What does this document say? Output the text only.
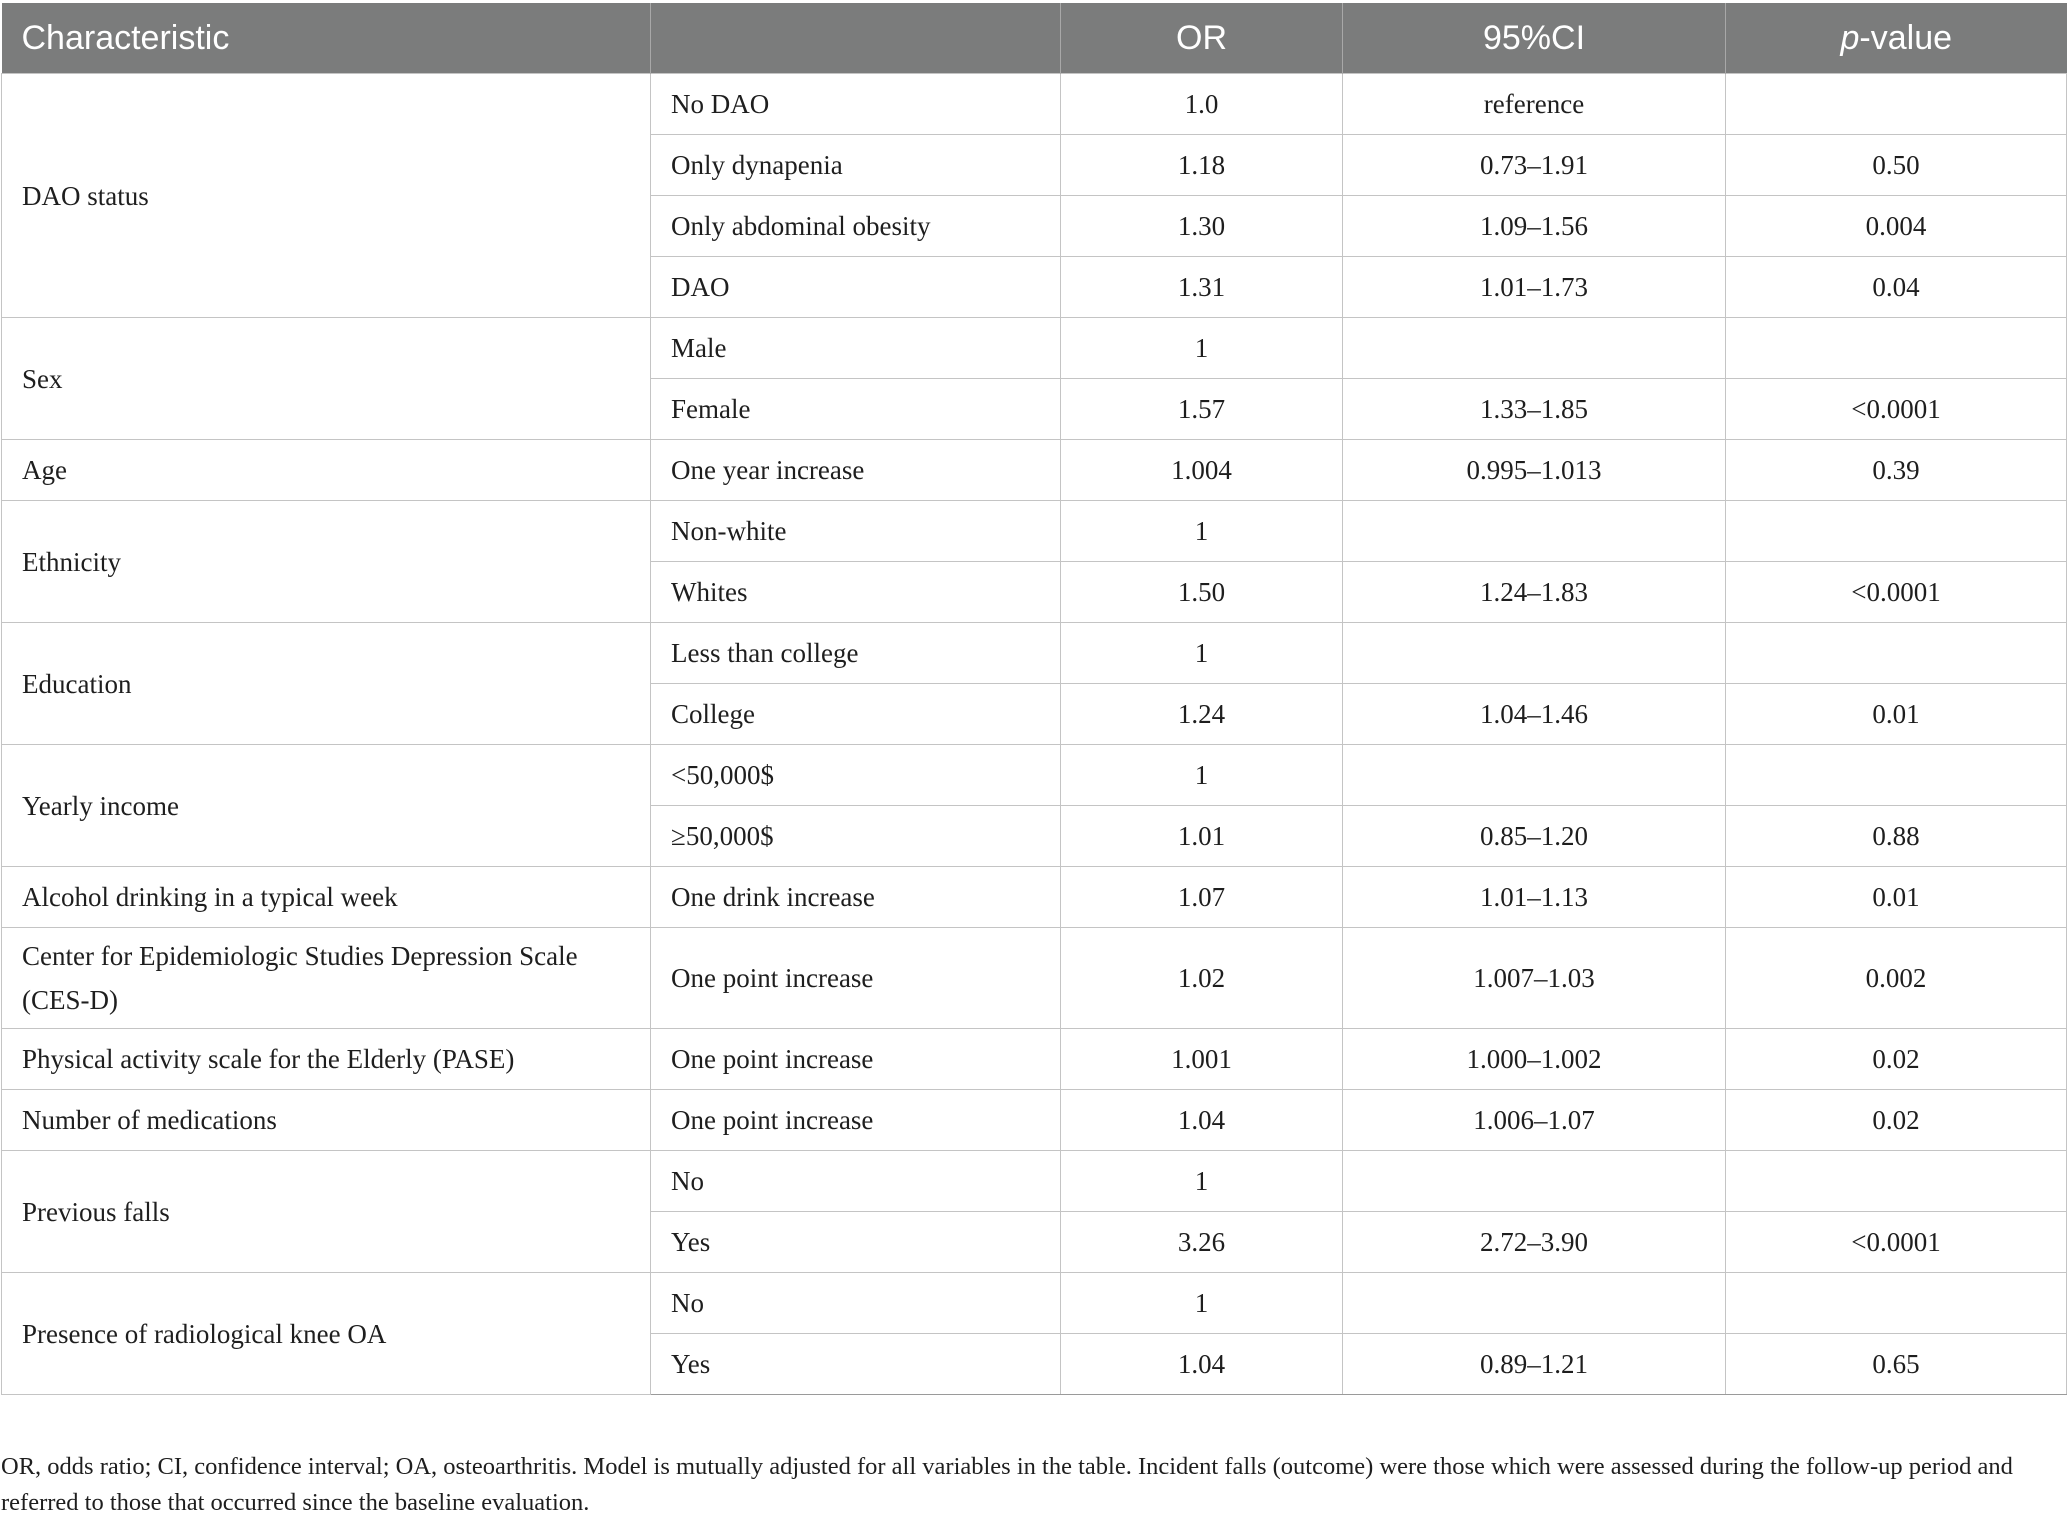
Characteristic		OR	95%CI	p-value
DAO status	No DAO	1.0	reference	
	Only dynapenia	1.18	0.73–1.91	0.50
	Only abdominal obesity	1.30	1.09–1.56	0.004
	DAO	1.31	1.01–1.73	0.04
Sex	Male	1		
	Female	1.57	1.33–1.85	<0.0001
Age	One year increase	1.004	0.995–1.013	0.39
Ethnicity	Non-white	1		
	Whites	1.50	1.24–1.83	<0.0001
Education	Less than college	1		
	College	1.24	1.04–1.46	0.01
Yearly income	<50,000$	1		
	≥50,000$	1.01	0.85–1.20	0.88
Alcohol drinking in a typical week	One drink increase	1.07	1.01–1.13	0.01
Center for Epidemiologic Studies Depression Scale (CES-D)	One point increase	1.02	1.007–1.03	0.002
Physical activity scale for the Elderly (PASE)	One point increase	1.001	1.000–1.002	0.02
Number of medications	One point increase	1.04	1.006–1.07	0.02
Previous falls	No	1		
	Yes	3.26	2.72–3.90	<0.0001
Presence of radiological knee OA	No	1		
	Yes	1.04	0.89–1.21	0.65
OR, odds ratio; CI, confidence interval; OA, osteoarthritis. Model is mutually adjusted for all variables in the table. Incident falls (outcome) were those which were assessed during the follow-up period and referred to those that occurred since the baseline evaluation.
